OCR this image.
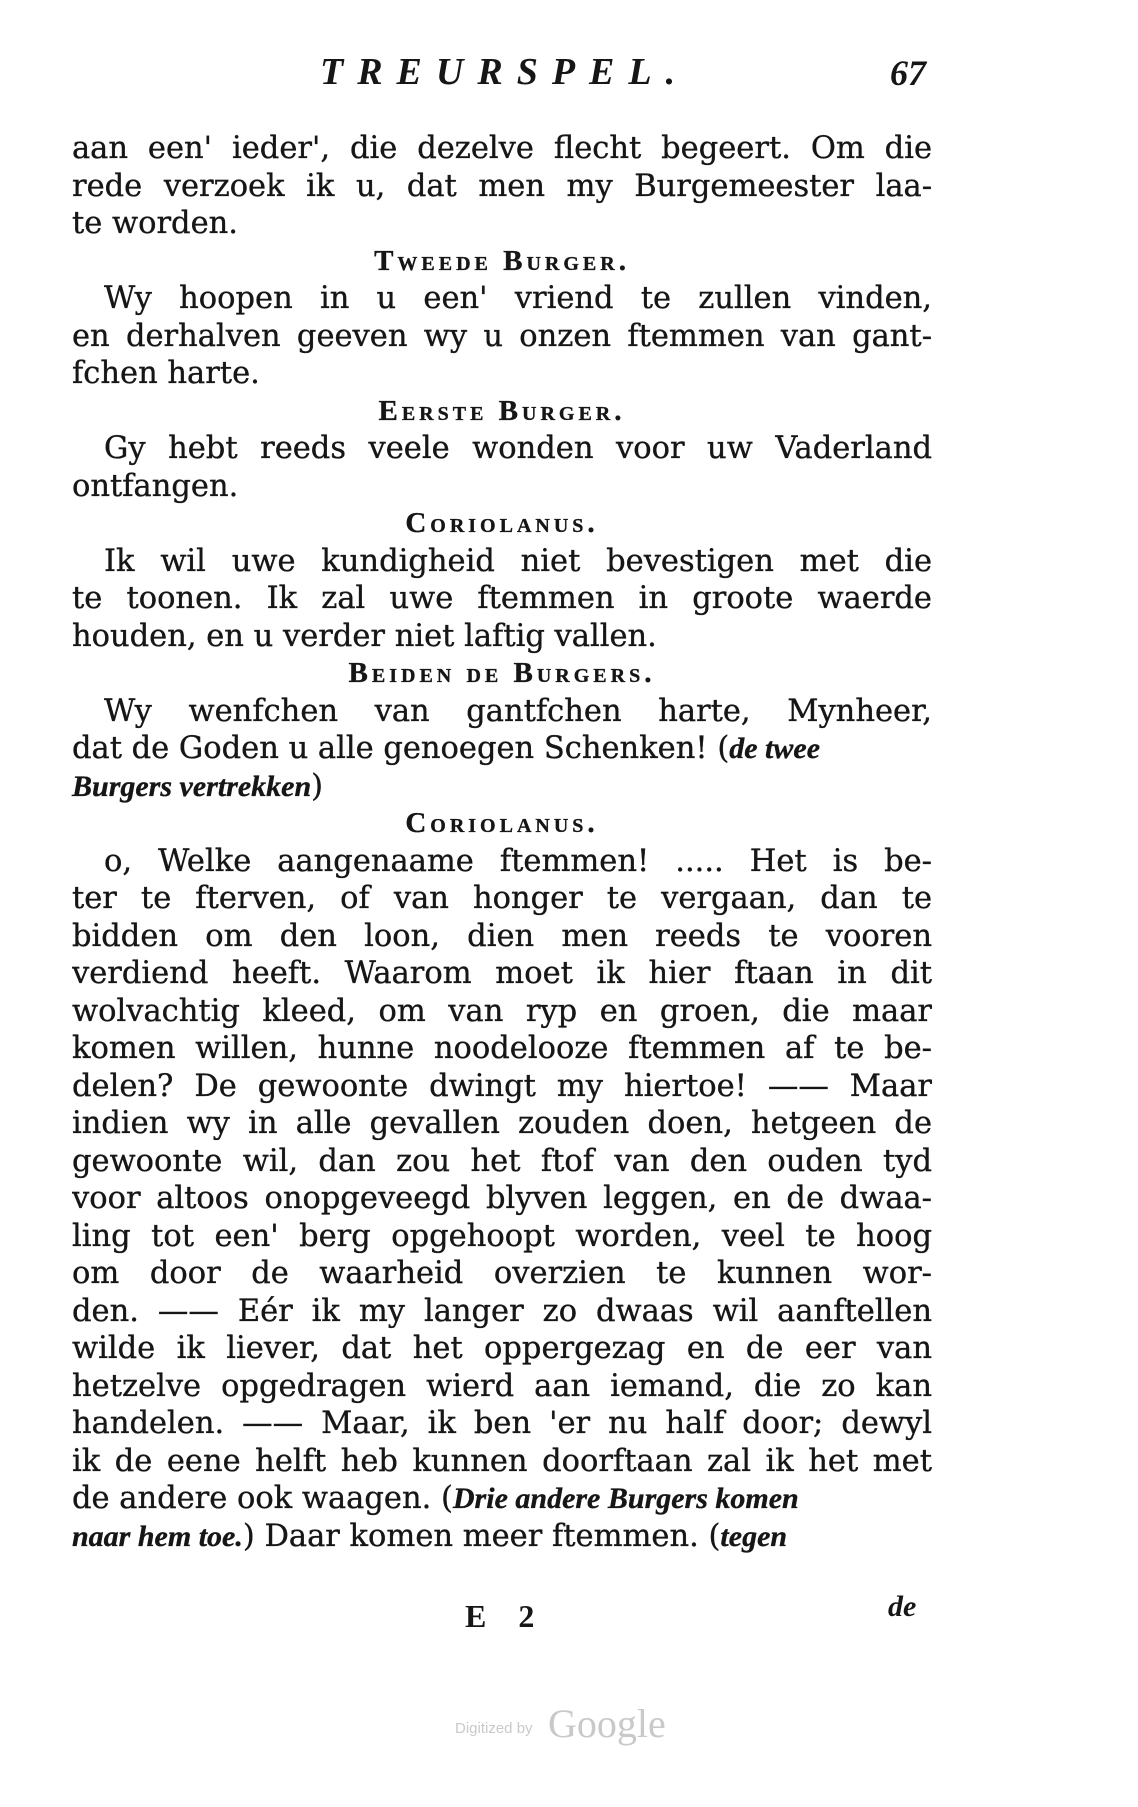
TREURSPEL.	67
aan een' ieder', die dezelve flecht begeert. Om die
rede verzoek ik u, dat men my Burgemeester laa-
te worden.
Tweede Burger.
Wy hoopen in u een' vriend te zullen vinden,
en derhalven geeven wy u onzen ftemmen van gant-
fchen harte.
Eerste Burger.
Gy hebt reeds veele wonden voor uw Vaderland
ontfangen.
Coriolanus.
Ik wil uwe kundigheid niet bevestigen met die
te toonen. Ik zal uwe ftemmen in groote waerde
houden, en u verder niet laftig vallen.
Beiden de Burgers.
Wy wenfchen van gantfchen harte, Mynheer,
dat de Goden u alle genoegen Schenken! (de twee
Burgers vertrekken)
Coriolanus.
o, Welke aangenaame ftemmen! ..... Het is be-
ter te fterven, of van honger te vergaan, dan te
bidden om den loon, dien men reeds te vooren
verdiend heeft. Waarom moet ik hier ftaan in dit
wolvachtig kleed, om van ryp en groen, die maar
komen willen, hunne noodelooze ftemmen af te be-
delen? De gewoonte dwingt my hiertoe! —— Maar
indien wy in alle gevallen zouden doen, hetgeen de
gewoonte wil, dan zou het ftof van den ouden tyd
voor altoos onopgeveegd blyven leggen, en de dwaa-
ling tot een' berg opgehoopt worden, veel te hoog
om door de waarheid overzien te kunnen wor-
den. —— Eér ik my langer zo dwaas wil aanftellen
wilde ik liever, dat het oppergezag en de eer van
hetzelve opgedragen wierd aan iemand, die zo kan
handelen. —— Maar, ik ben 'er nu half door; dewyl
ik de eene helft heb kunnen doorftaan zal ik het met
de andere ook waagen. (Drie andere Burgers komen
naar hem toe.) Daar komen meer ftemmen. (tegen
E 2	de
Digitized by Google
